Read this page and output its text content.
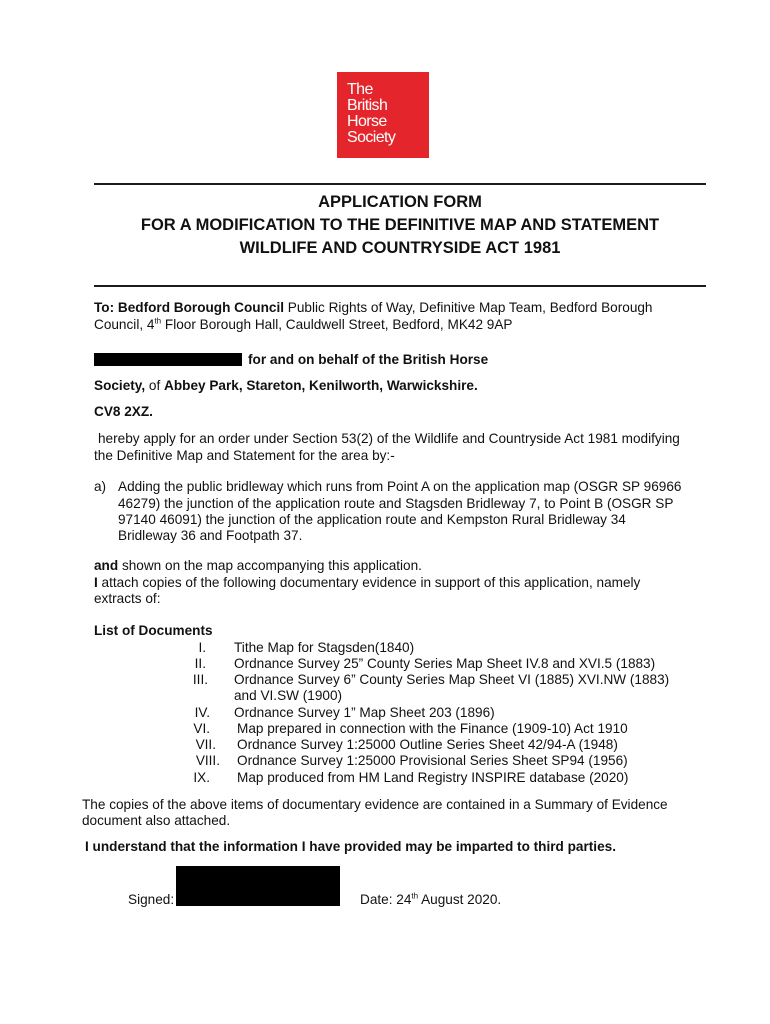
The
British
Horse
Society
APPLICATION FORM
FOR A MODIFICATION TO THE DEFINITIVE MAP AND STATEMENT
WILDLIFE AND COUNTRYSIDE ACT 1981
To: Bedford Borough Council Public Rights of Way, Definitive Map Team, Bedford Borough
Council, 4th Floor Borough Hall, Cauldwell Street, Bedford, MK42 9AP
for and on behalf of the British Horse
Society, of Abbey Park, Stareton, Kenilworth, Warwickshire.
CV8 2XZ.
hereby apply for an order under Section 53(2) of the Wildlife and Countryside Act 1981 modifying
the Definitive Map and Statement for the area by:-
a) Adding the public bridleway which runs from Point A on the application map (OSGR SP 96966
46279) the junction of the application route and Stagsden Bridleway 7, to Point B (OSGR SP
97140 46091) the junction of the application route and Kempston Rural Bridleway 34
Bridleway 36 and Footpath 37.
and shown on the map accompanying this application.
I attach copies of the following documentary evidence in support of this application, namely
extracts of:
List of Documents
I. Tithe Map for Stagsden(1840)
II. Ordnance Survey 25” County Series Map Sheet IV.8 and XVI.5 (1883)
III. Ordnance Survey 6” County Series Map Sheet VI (1885) XVI.NW (1883)
and VI.SW (1900)
IV. Ordnance Survey 1” Map Sheet 203 (1896)
VI. Map prepared in connection with the Finance (1909-10) Act 1910
VII. Ordnance Survey 1:25000 Outline Series Sheet 42/94-A (1948)
VIII. Ordnance Survey 1:25000 Provisional Series Sheet SP94 (1956)
IX. Map produced from HM Land Registry INSPIRE database (2020)
The copies of the above items of documentary evidence are contained in a Summary of Evidence
document also attached.
I understand that the information I have provided may be imparted to third parties.
Signed:	Date: 24th August 2020.
